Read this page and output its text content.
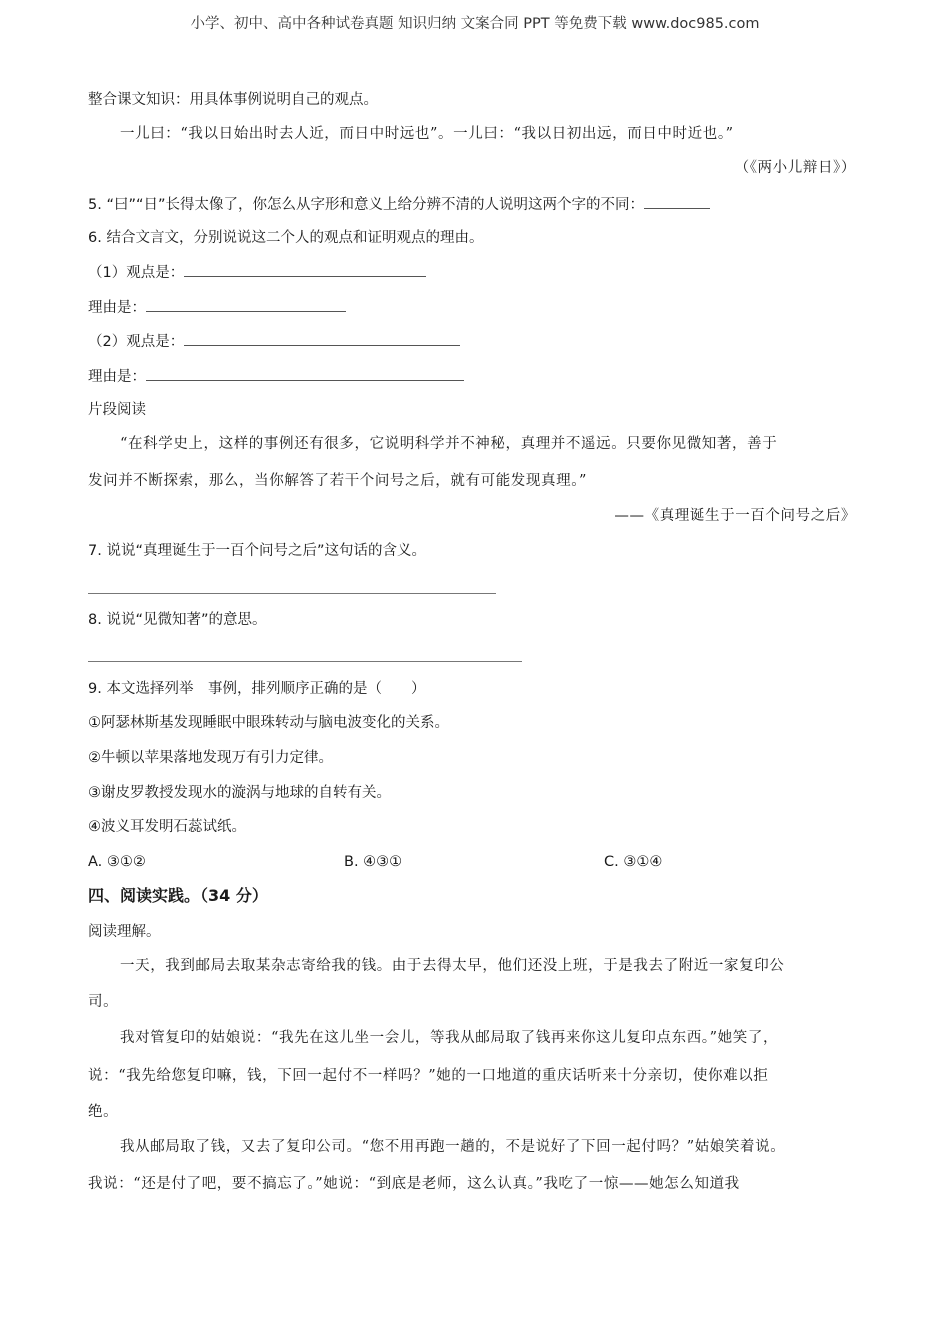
小学、初中、高中各种试卷真题 知识归纳 文案合同 PPT 等免费下载 www.doc985.com
整合课文知识：用具体事例说明自己的观点。
一儿曰：“我以日始出时去人近，而日中时远也”。一儿曰：“我以日初出远，而日中时近也。”
（《两小儿辩日》）
5. “曰”“日”长得太像了，你怎么从字形和意义上给分辨不清的人说明这两个字的不同：
6. 结合文言文，分别说说这二个人的观点和证明观点的理由。
（1）观点是：
理由是：
（2）观点是：
理由是：
片段阅读
“在科学史上，这样的事例还有很多，它说明科学并不神秘，真理并不遥远。只要你见微知著，善于
发问并不断探索，那么，当你解答了若干个问号之后，就有可能发现真理。”
——《真理诞生于一百个问号之后》
7. 说说“真理诞生于一百个问号之后”这句话的含义。
8. 说说“见微知著”的意思。
9. 本文选择列举　事例，排列顺序正确的是（　　）
①阿瑟林斯基发现睡眠中眼珠转动与脑电波变化的关系。
②牛顿以苹果落地发现万有引力定律。
③谢皮罗教授发现水的漩涡与地球的自转有关。
④波义耳发明石蕊试纸。
A. ③①②	B. ④③①	C. ③①④
四、阅读实践。（34 分）
阅读理解。
一天，我到邮局去取某杂志寄给我的钱。由于去得太早，他们还没上班，于是我去了附近一家复印公
司。
我对管复印的姑娘说：“我先在这儿坐一会儿，等我从邮局取了钱再来你这儿复印点东西。”她笑了，
说：“我先给您复印嘛，钱，下回一起付不一样吗？”她的一口地道的重庆话听来十分亲切，使你难以拒
绝。
我从邮局取了钱，又去了复印公司。“您不用再跑一趟的，不是说好了下回一起付吗？”姑娘笑着说。
我说：“还是付了吧，要不搞忘了。”她说：“到底是老师，这么认真。”我吃了一惊——她怎么知道我
